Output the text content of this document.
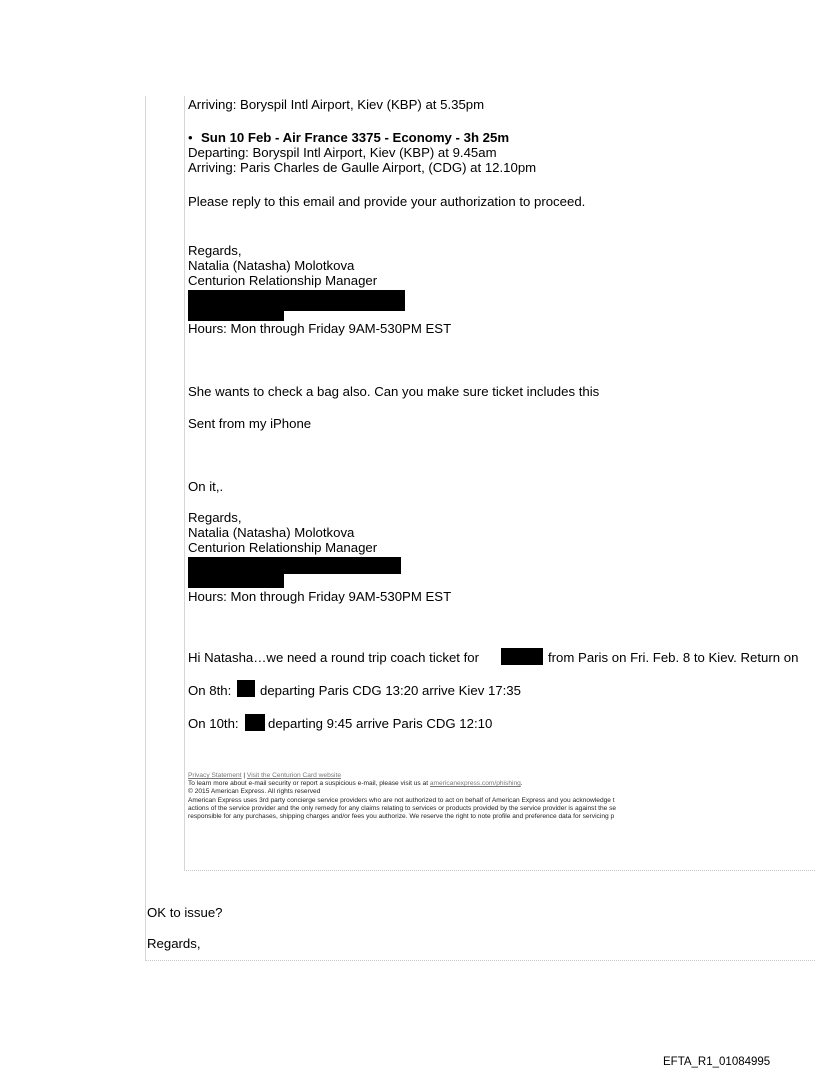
Arriving: Boryspil Intl Airport, Kiev (KBP) at 5.35pm
• Sun 10 Feb - Air France 3375 - Economy - 3h 25m
Departing: Boryspil Intl Airport, Kiev (KBP) at 9.45am
Arriving: Paris Charles de Gaulle Airport, (CDG) at 12.10pm
Please reply to this email and provide your authorization to proceed.
Regards,
Natalia (Natasha) Molotkova
Centurion Relationship Manager
Hours: Mon through Friday 9AM-530PM EST
She wants to check a bag also. Can you make sure ticket includes this
Sent from my iPhone
On it,.
Regards,
Natalia (Natasha) Molotkova
Centurion Relationship Manager
Hours: Mon through Friday 9AM-530PM EST
Hi Natasha…we need a round trip coach ticket for	from Paris on Fri. Feb. 8 to Kiev. Return on
On 8th: departing Paris CDG 13:20 arrive Kiev 17:35
On 10th: departing 9:45 arrive Paris CDG 12:10
Privacy Statement | Visit the Centurion Card website
To learn more about e-mail security or report a suspicious e-mail, please visit us at americanexpress.com/phishing.
© 2015 American Express. All rights reserved
American Express uses 3rd party concierge service providers who are not authorized to act on behalf of American Express and you acknowledge t
actions of the service provider and the only remedy for any claims relating to services or products provided by the service provider is against the se
responsible for any purchases, shipping charges and/or fees you authorize. We reserve the right to note profile and preference data for servicing p
OK to issue?
Regards,
EFTA_R1_01084995
